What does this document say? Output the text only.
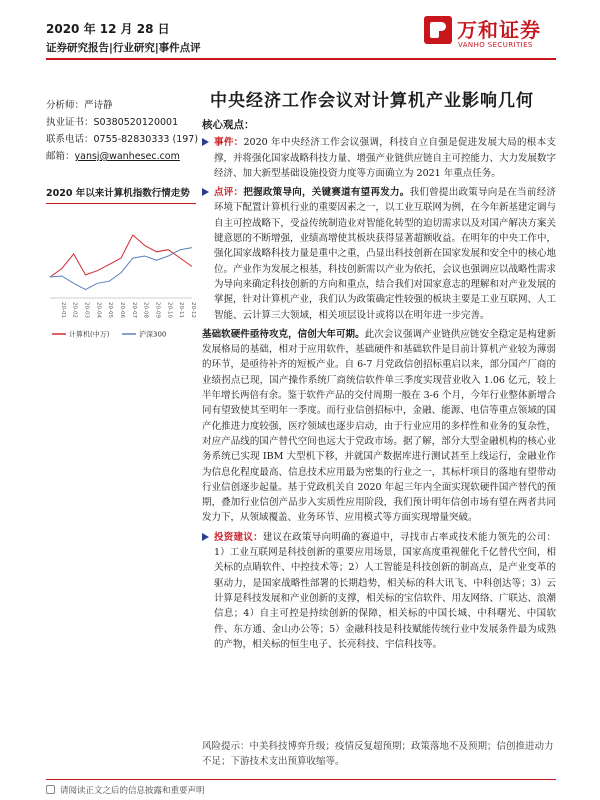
2020 年 12 月 28 日
证券研究报告|行业研究|事件点评
万和证券
VANHO SECURITIES
中央经济工作会议对计算机产业影响几何
分析师：严诗静
执业证书：S0380520120001
联系电话：0755-82830333 (197)
邮箱：yansj@wanhesec.com
2020 年以来计算机指数行情走势
20-01 20-02 20-03 20-04 20-05 20-06 20-07 20-08 20-09 20-10 20-11 20-12
计算机(中万)	沪深300
核心观点：
事件：2020 年中央经济工作会议强调，科技自立自强是促进发展大局的根本支撑，并将强化国家战略科技力量、增强产业链供应链自主可控能力、大力发展数字经济、加大新型基础设施投资力度等方面确立为 2021 年重点任务。
点评：把握政策导向，关键赛道有望再发力。我们曾提出政策导向是在当前经济环境下配置计算机行业的重要因素之一，以工业互联网为例，在今年新基建定调与自主可控战略下，受益传统制造业对智能化转型的迫切需求以及对国产解决方案关键意愿的不断增强，业绩高增使其板块获得显著超额收益。在明年的中央工作中，强化国家战略科技力量是重中之重，凸显出科技创新在国家发展和安全中的核心地位。产业作为发展之根基，科技创新需以产业为依托，会议也强调应以战略性需求为导向来确定科技创新的方向和重点，结合我们对国家意志的理解和对产业发展的掌握，针对计算机产业，我们认为政策确定性较强的板块主要是工业互联网、人工智能、云计算三大领域，相关项层设计或将以在明年进一步完善。
基础软硬件亟待攻克，信创大年可期。此次会议强调产业链供应链安全稳定是构建新发展格局的基础，相对于应用软件，基础硬件和基础软件是目前计算机产业较为薄弱的环节，是亟待补齐的短板产业。自 6-7 月党政信创招标重启以来，部分国产厂商的业绩拐点已现，国产操作系统厂商统信软件单三季度实现营业收入 1.06 亿元，较上半年增长两倍有余。鉴于软件产品的交付周期一般在 3-6 个月，今年行业整体新增合同有望致使其至明年一季度。而行业信创招标中，金融、能源、电信等重点领域的国产化推进力度较强，医疗领域也逐步启动，由于行业应用的多样性和业务的复杂性，对应产品线的国产替代空间也远大于党政市场。据了解，部分大型金融机构的核心业务系统已实现 IBM 大型机下移，并就国产数据库进行测试甚至上线运行，金融业作为信息化程度最高、信息技术应用最为密集的行业之一，其标杆项目的落地有望带动行业信创逐步起量。基于党政机关自 2020 年起三年内全面实现软硬件国产替代的预期，叠加行业信创产品步入实质性应用阶段，我们预计明年信创市场有望在两者共同发力下，从领域覆盖、业务环节、应用模式等方面实现增量突破。
投资建议：建议在政策导向明确的赛道中，寻找市占率或技术能力领先的公司：1）工业互联网是科技创新的重要应用场景，国家高度重视催化千亿替代空间，相关标的点睛软件、中控技术等；2）人工智能是科技创新的制高点，是产业变革的驱动力，是国家战略性部署的长期趋势，相关标的科大讯飞、中科创达等；3）云计算是科技发展和产业创新的支撑，相关标的宝信软件、用友网络、广联达、浪潮信息；4）自主可控是持续创新的保障，相关标的中国长城、中科曙光、中国软件、东方通、金山办公等；5）金融科技是科技赋能传统行业中发展条件最为成熟的产物，相关标的恒生电子、长亮科技、宇信科技等。
风险提示：中美科技博弈升级；疫情反复超预期；政策落地不及预期；信创推进动力不足；下游技术支出预算收缩等。
请阅读正文之后的信息披露和重要声明
